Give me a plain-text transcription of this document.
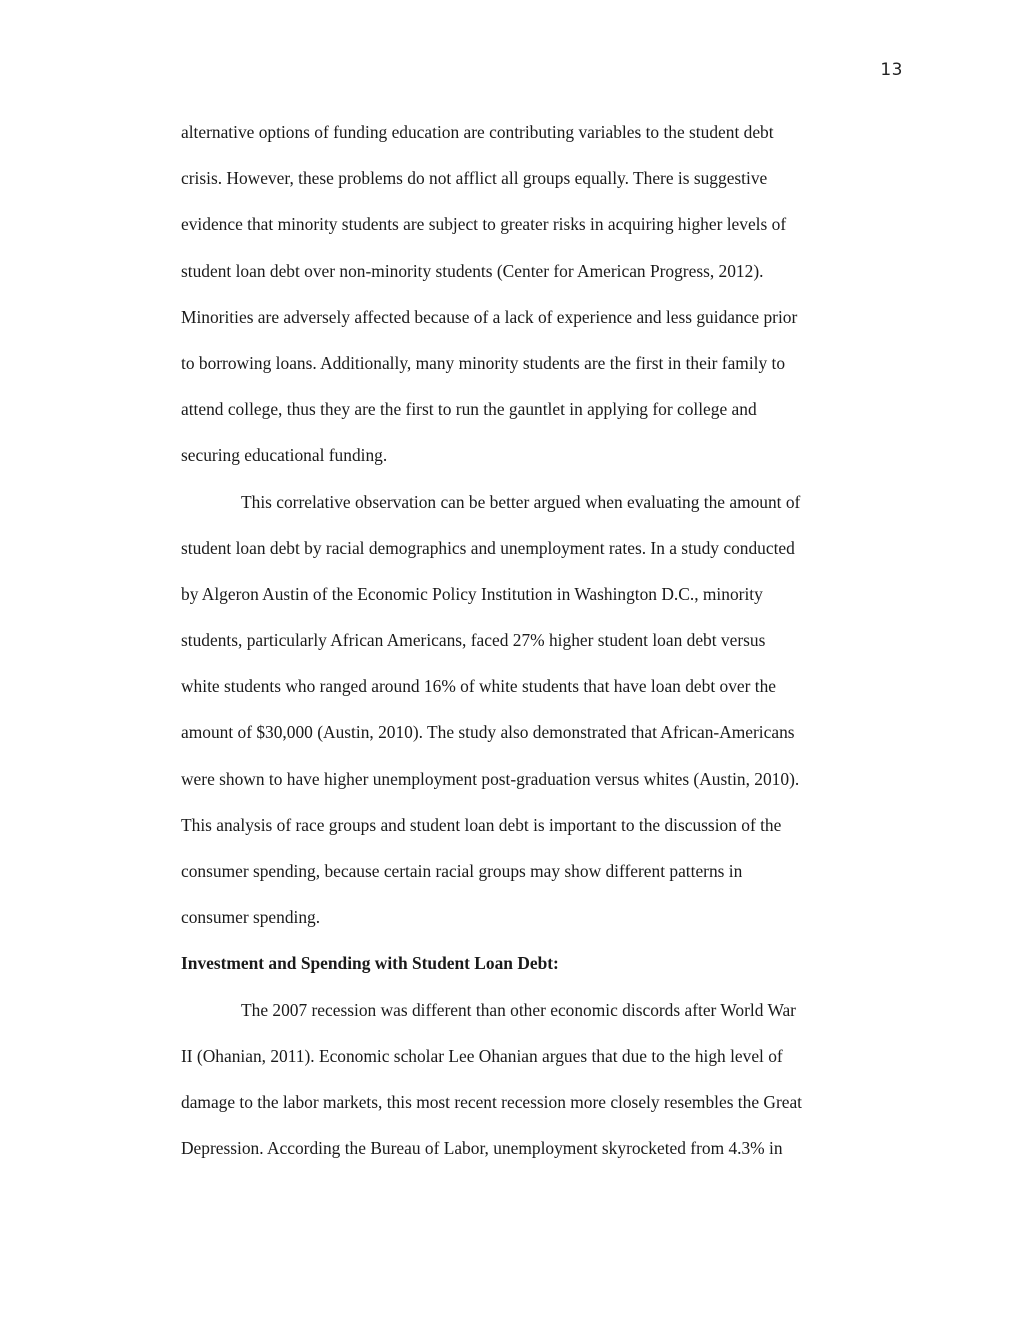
13
alternative options of funding education are contributing variables to the student debt
crisis. However, these problems do not afflict all groups equally. There is suggestive
evidence that minority students are subject to greater risks in acquiring higher levels of
student loan debt over non-minority students (Center for American Progress, 2012).
Minorities are adversely affected because of a lack of experience and less guidance prior
to borrowing loans. Additionally, many minority students are the first in their family to
attend college, thus they are the first to run the gauntlet in applying for college and
securing educational funding.
This correlative observation can be better argued when evaluating the amount of
student loan debt by racial demographics and unemployment rates. In a study conducted
by Algeron Austin of the Economic Policy Institution in Washington D.C., minority
students, particularly African Americans, faced 27% higher student loan debt versus
white students who ranged around 16% of white students that have loan debt over the
amount of $30,000 (Austin, 2010). The study also demonstrated that African-Americans
were shown to have higher unemployment post-graduation versus whites (Austin, 2010).
This analysis of race groups and student loan debt is important to the discussion of the
consumer spending, because certain racial groups may show different patterns in
consumer spending.
Investment and Spending with Student Loan Debt:
The 2007 recession was different than other economic discords after World War
II (Ohanian, 2011). Economic scholar Lee Ohanian argues that due to the high level of
damage to the labor markets, this most recent recession more closely resembles the Great
Depression. According the Bureau of Labor, unemployment skyrocketed from 4.3% in
